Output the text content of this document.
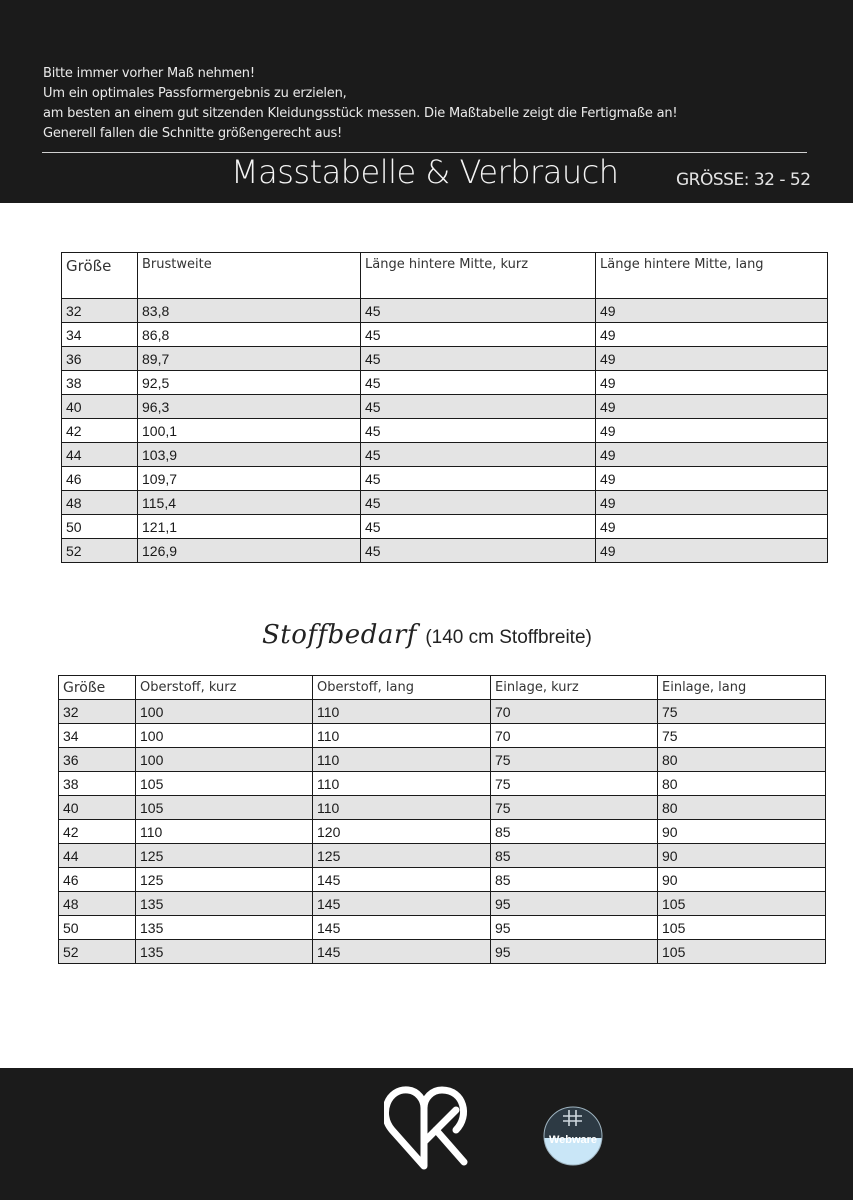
Bitte immer vorher Maß nehmen!
Um ein optimales Passformergebnis zu erzielen,
am besten an einem gut sitzenden Kleidungsstück messen. Die Maßtabelle zeigt die Fertigmaße an!
Generell fallen die Schnitte größengerecht aus!
Masstabelle & Verbrauch	GRÖSSE: 32 - 52
Größe	Brustweite	Länge hintere Mitte, kurz	Länge hintere Mitte, lang
32	83,8	45	49
34	86,8	45	49
36	89,7	45	49
38	92,5	45	49
40	96,3	45	49
42	100,1	45	49
44	103,9	45	49
46	109,7	45	49
48	115,4	45	49
50	121,1	45	49
52	126,9	45	49
Stoffbedarf (140 cm Stoffbreite)
Größe	Oberstoff, kurz	Oberstoff, lang	Einlage, kurz	Einlage, lang
32	100	110	70	75
34	100	110	70	75
36	100	110	75	80
38	105	110	75	80
40	105	110	75	80
42	110	120	85	90
44	125	125	85	90
46	125	145	85	90
48	135	145	95	105
50	135	145	95	105
52	135	145	95	105
Webware
